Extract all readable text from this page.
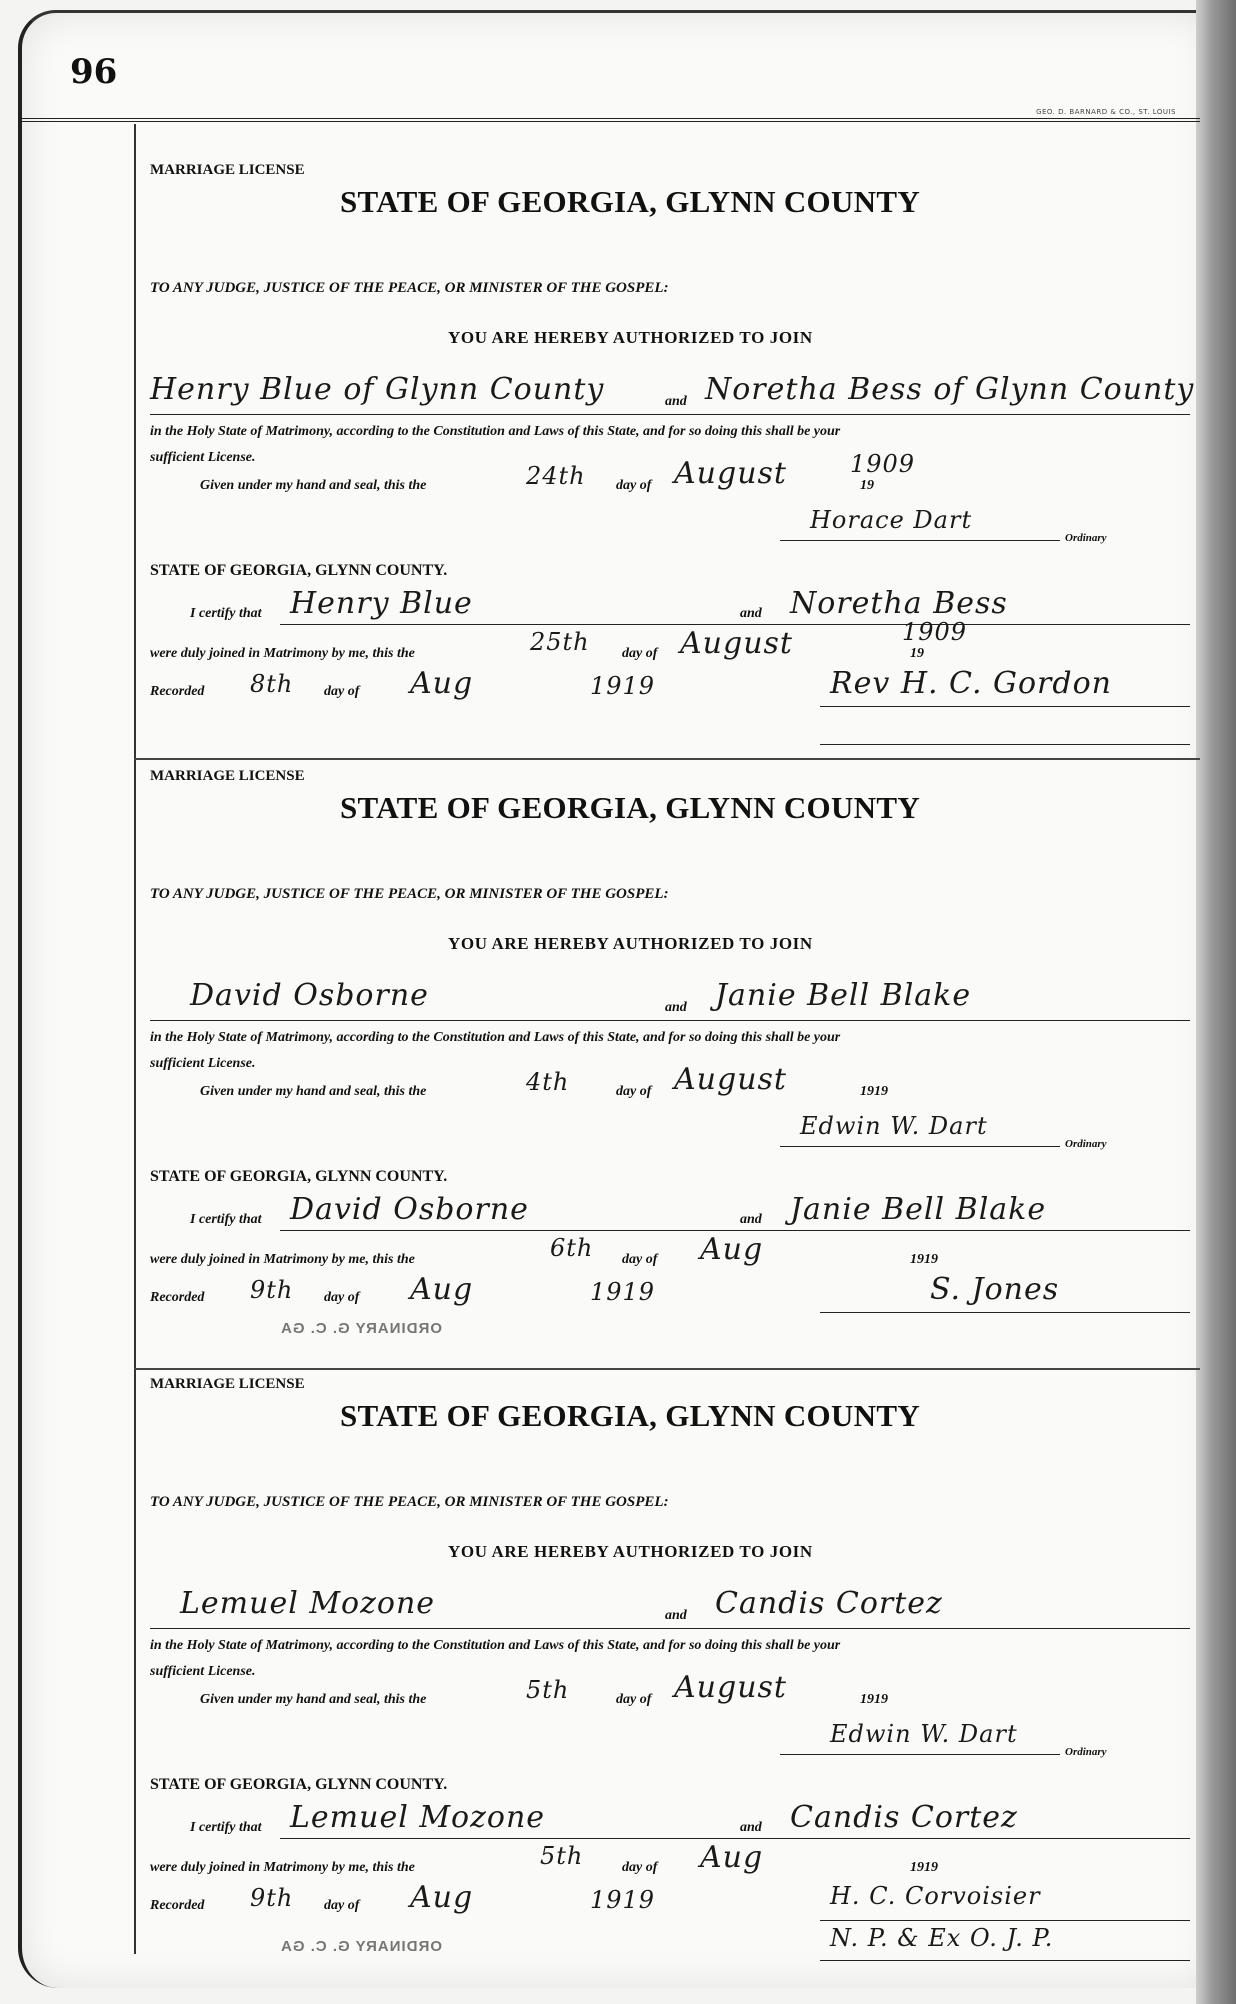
96
GEO. D. BARNARD & CO., ST. LOUIS
MARRIAGE LICENSE
STATE OF GEORGIA, GLYNN COUNTY
TO ANY JUDGE, JUSTICE OF THE PEACE, OR MINISTER OF THE GOSPEL:
YOU ARE HEREBY AUTHORIZED TO JOIN
Henry Blue of Glynn County	and Noretha Bess of Glynn County
in the Holy State of Matrimony, according to the Constitution and Laws of this State, and for so doing this shall be your
sufficient License.
Given under my hand and seal, this the	24th day of August	19
1909
Horace Dart
Ordinary
STATE OF GEORGIA, GLYNN COUNTY.
I certify that Henry Blue	and Noretha Bess
were duly joined in Matrimony by me, this the	25th day of August	19
1909
Recorded 8th day of Aug	1919	Rev H. C. Gordon
MARRIAGE LICENSE
STATE OF GEORGIA, GLYNN COUNTY
TO ANY JUDGE, JUSTICE OF THE PEACE, OR MINISTER OF THE GOSPEL:
YOU ARE HEREBY AUTHORIZED TO JOIN
David Osborne	and Janie Bell Blake
in the Holy State of Matrimony, according to the Constitution and Laws of this State, and for so doing this shall be your
sufficient License.
Given under my hand and seal, this the	4th	day of August	1919
Edwin W. Dart
Ordinary
STATE OF GEORGIA, GLYNN COUNTY.
I certify that David Osborne	and Janie Bell Blake
were duly joined in Matrimony by me, this the	6th day of Aug	1919
Recorded 9th day of Aug	1919	S. Jones
ORDINARY G. C. GA
MARRIAGE LICENSE
STATE OF GEORGIA, GLYNN COUNTY
TO ANY JUDGE, JUSTICE OF THE PEACE, OR MINISTER OF THE GOSPEL:
YOU ARE HEREBY AUTHORIZED TO JOIN
Lemuel Mozone	and Candis Cortez
in the Holy State of Matrimony, according to the Constitution and Laws of this State, and for so doing this shall be your
sufficient License.
Given under my hand and seal, this the	5th	day of August	1919
Edwin W. Dart
Ordinary
STATE OF GEORGIA, GLYNN COUNTY.
I certify that Lemuel Mozone	and Candis Cortez
were duly joined in Matrimony by me, this the	5th	day of Aug	1919
Recorded 9th day of Aug	1919	H. C. Corvoisier
N. P. & Ex O. J. P.
ORDINARY G. C. GA
